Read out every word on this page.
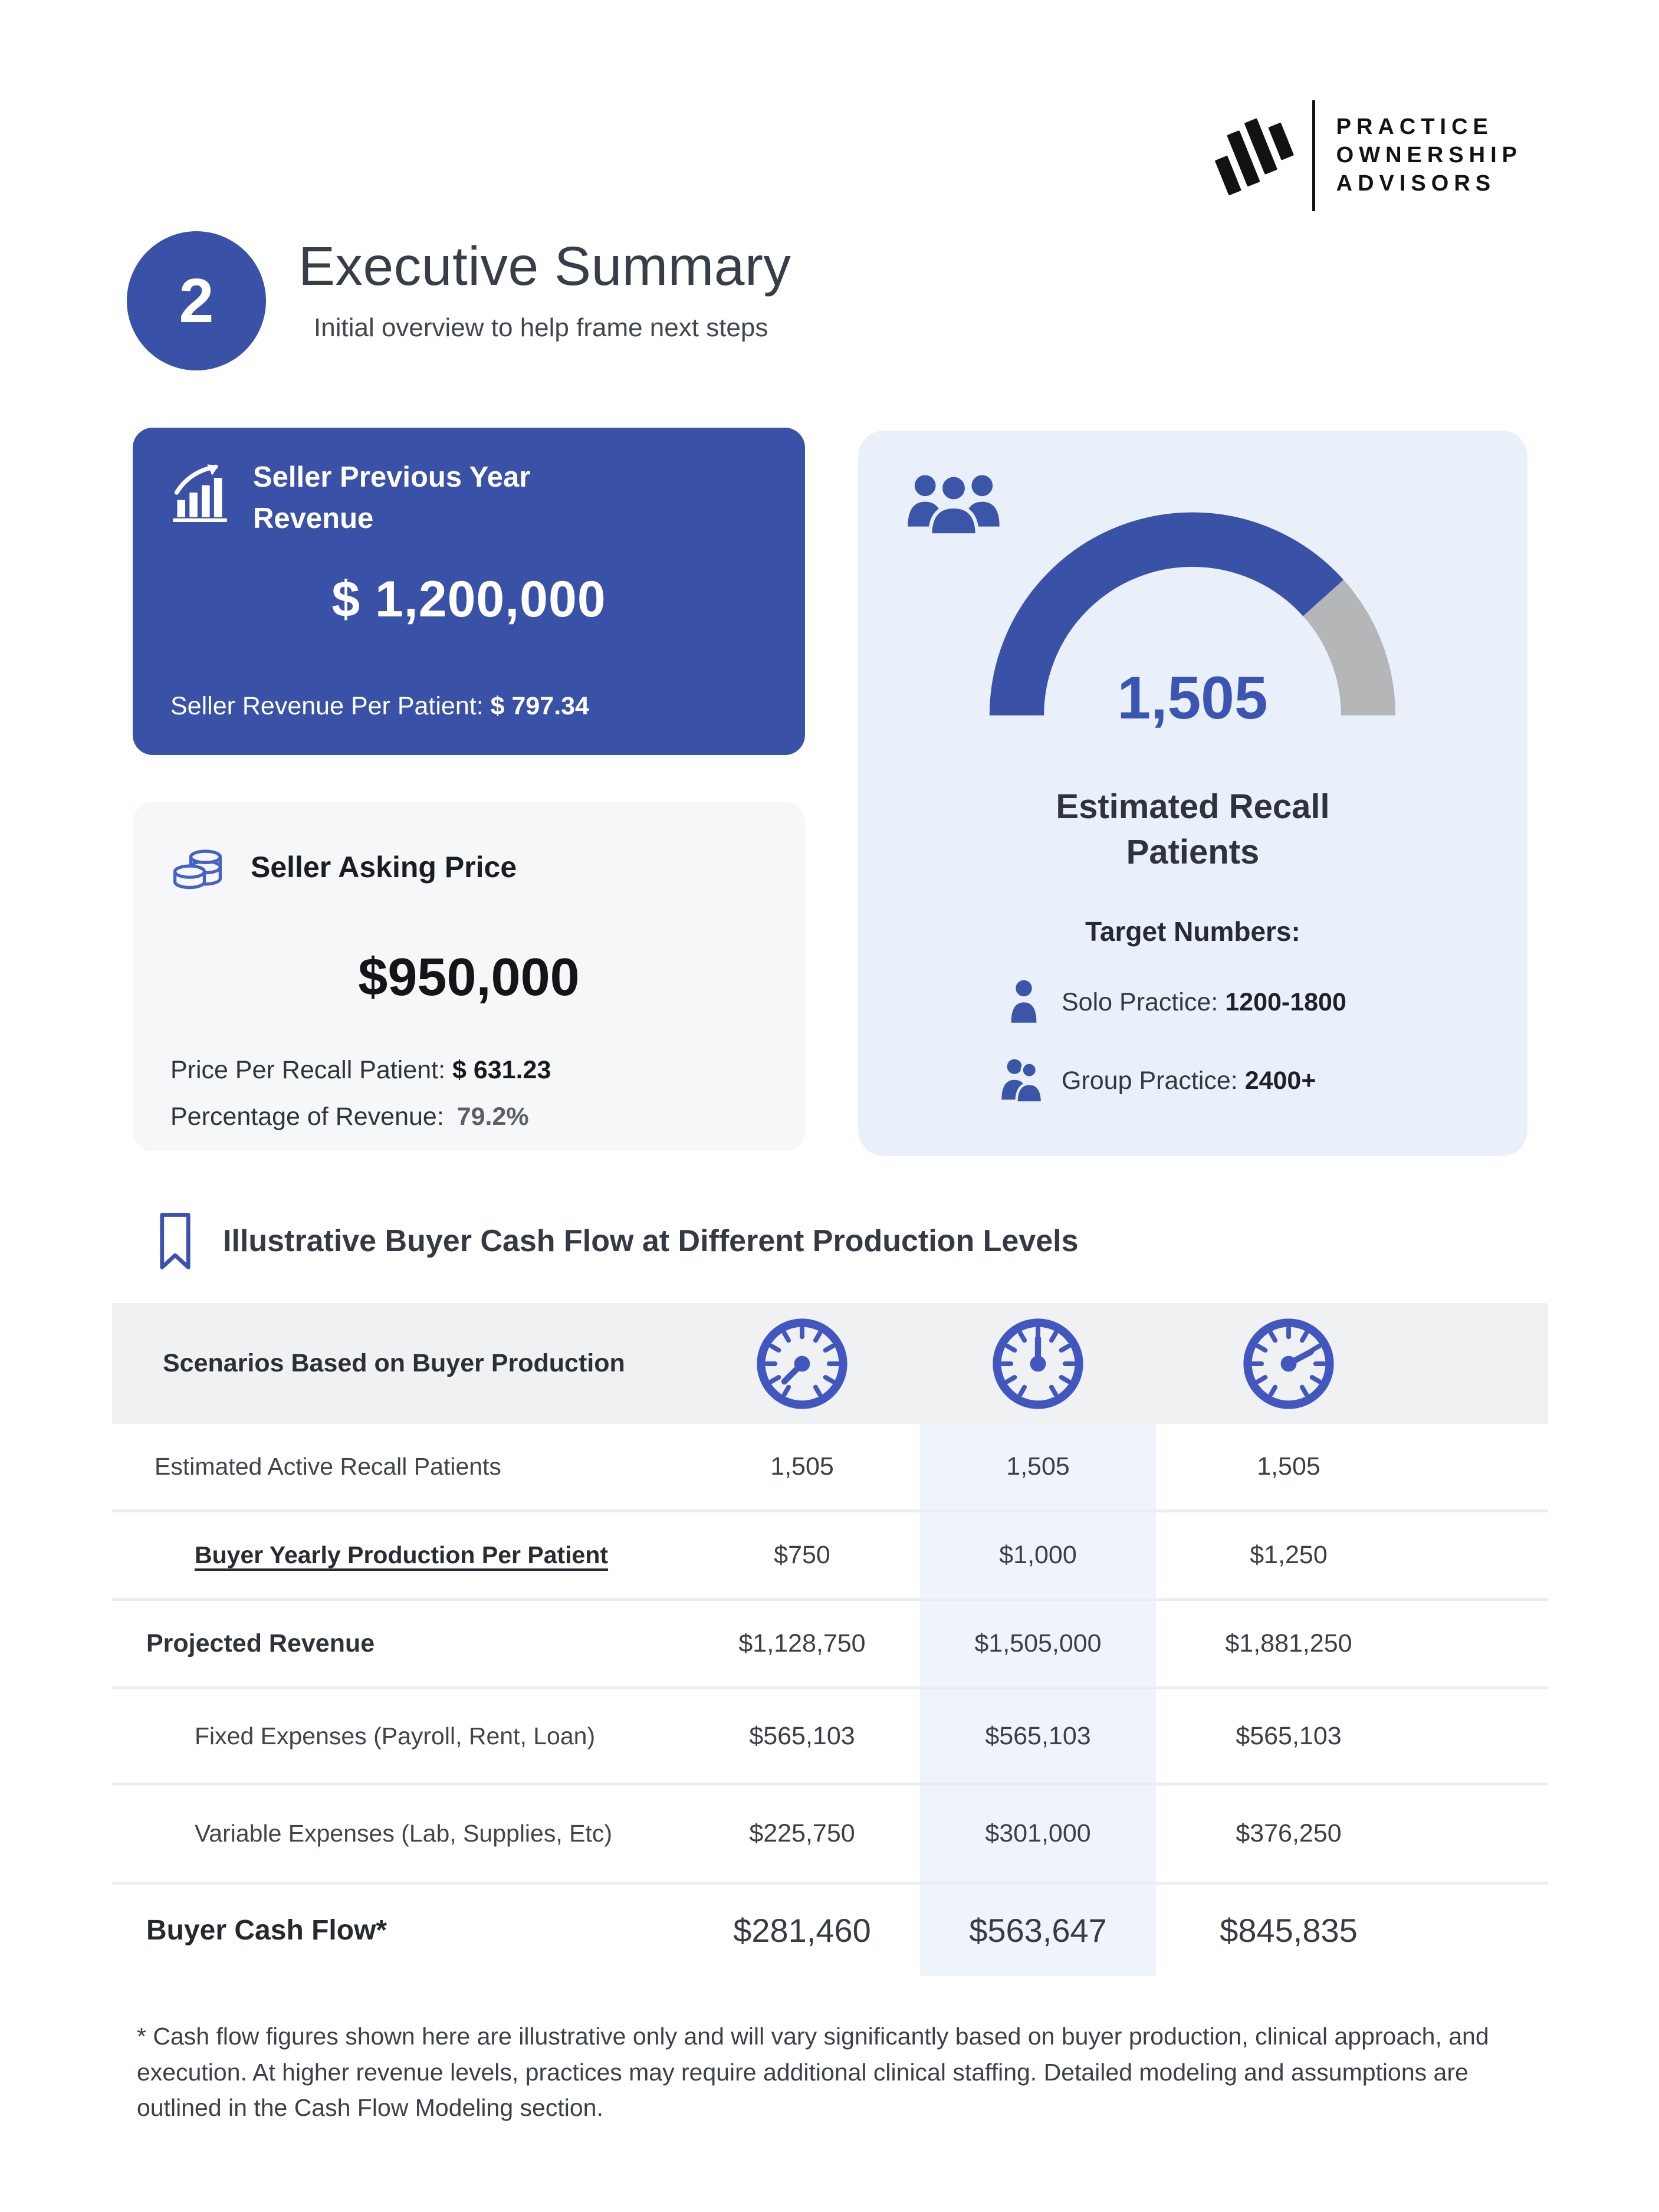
PRACTICE
OWNERSHIP
ADVISORS
2 Executive Summary
Initial overview to help frame next steps
Seller Previous Year Revenue
$ 1,200,000
Seller Revenue Per Patient: $ 797.34
Seller Asking Price
$950,000
Price Per Recall Patient: $ 631.23
Percentage of Revenue: 79.2%
1,505
Estimated Recall
Patients
Target Numbers:
Solo Practice: 1200-1800
Group Practice: 2400+
Illustrative Buyer Cash Flow at Different Production Levels
Scenarios Based on Buyer Production
Estimated Active Recall Patients	1,505	1,505	1,505
Buyer Yearly Production Per Patient	$750	$1,000	$1,250
Projected Revenue	$1,128,750	$1,505,000	$1,881,250
Fixed Expenses (Payroll, Rent, Loan)	$565,103	$565,103	$565,103
Variable Expenses (Lab, Supplies, Etc)	$225,750	$301,000	$376,250
Buyer Cash Flow*	$281,460	$563,647	$845,835
* Cash flow figures shown here are illustrative only and will vary significantly based on buyer production, clinical approach, and execution. At higher revenue levels, practices may require additional clinical staffing. Detailed modeling and assumptions are outlined in the Cash Flow Modeling section.
